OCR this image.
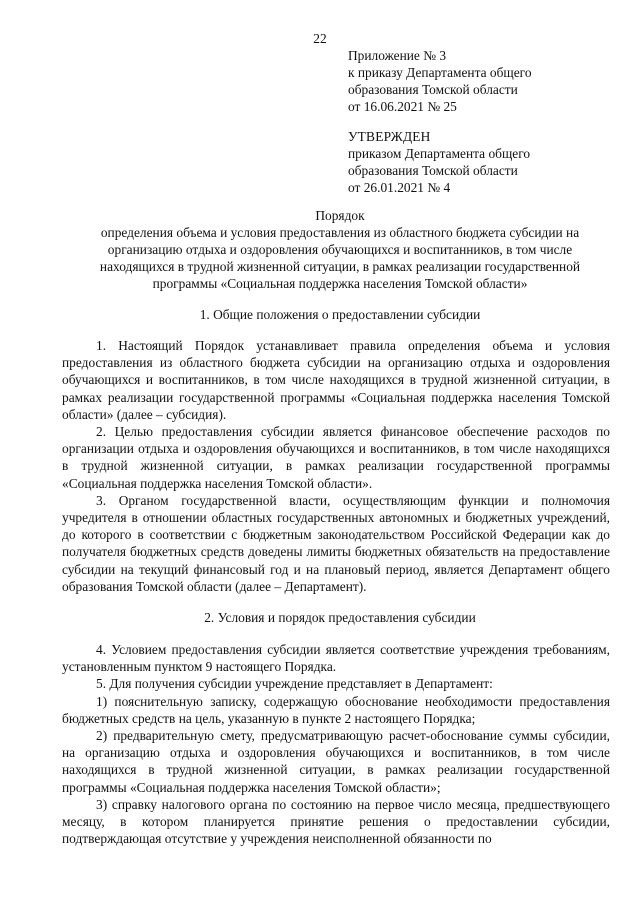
22
Приложение № 3
к приказу Департамента общего
образования Томской области
от 16.06.2021 № 25
УТВЕРЖДЕН
приказом Департамента общего
образования Томской области
от 26.01.2021 № 4
Порядок
определения объема и условия предоставления из областного бюджета субсидии на
организацию отдыха и оздоровления обучающихся и воспитанников, в том числе
находящихся в трудной жизненной ситуации, в рамках реализации государственной
программы «Социальная поддержка населения Томской области»
1. Общие положения о предоставлении субсидии

1. Настоящий Порядок устанавливает правила определения объема и условия предоставления из областного бюджета субсидии на организацию отдыха и оздоровления обучающихся и воспитанников, в том числе находящихся в трудной жизненной ситуации, в рамках реализации государственной программы «Социальная поддержка населения Томской области» (далее – субсидия).

2. Целью предоставления субсидии является финансовое обеспечение расходов по организации отдыха и оздоровления обучающихся и воспитанников, в том числе находящихся в трудной жизненной ситуации, в рамках реализации государственной программы «Социальная поддержка населения Томской области».

3. Органом государственной власти, осуществляющим функции и полномочия учредителя в отношении областных государственных автономных и бюджетных учреждений, до которого в соответствии с бюджетным законодательством Российской Федерации как до получателя бюджетных средств доведены лимиты бюджетных обязательств на предоставление субсидии на текущий финансовый год и на плановый период, является Департамент общего образования Томской области (далее – Департамент).

2. Условия и порядок предоставления субсидии

4. Условием предоставления субсидии является соответствие учреждения требованиям, установленным пунктом 9 настоящего Порядка.

5. Для получения субсидии учреждение представляет в Департамент:

1) пояснительную записку, содержащую обоснование необходимости предоставления бюджетных средств на цель, указанную в пункте 2 настоящего Порядка;

2) предварительную смету, предусматривающую расчет-обоснование суммы субсидии, на организацию отдыха и оздоровления обучающихся и воспитанников, в том числе находящихся в трудной жизненной ситуации, в рамках реализации государственной программы «Социальная поддержка населения Томской области»;

3) справку налогового органа по состоянию на первое число месяца, предшествующего месяцу, в котором планируется принятие решения о предоставлении субсидии, подтверждающая отсутствие у учреждения неисполненной обязанности по
